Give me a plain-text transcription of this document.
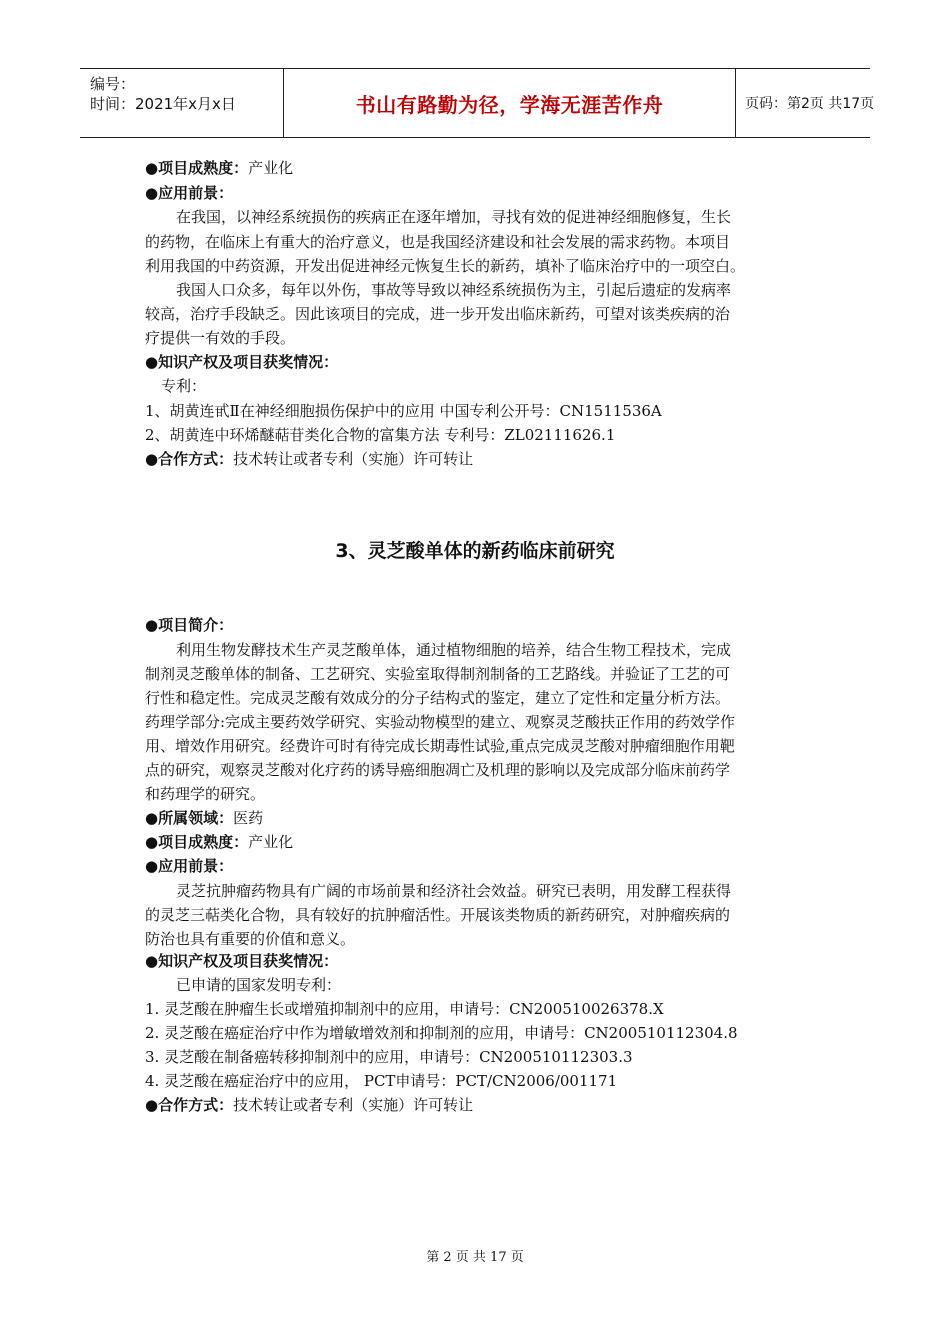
编号：
时间：2021年x月x日	书山有路勤为径，学海无涯苦作舟	页码：第2页 共17页
●项目成熟度：产业化
●应用前景：
在我国，以神经系统损伤的疾病正在逐年增加，寻找有效的促进神经细胞修复，生长
的药物，在临床上有重大的治疗意义，也是我国经济建设和社会发展的需求药物。本项目
利用我国的中药资源，开发出促进神经元恢复生长的新药，填补了临床治疗中的一项空白。
我国人口众多，每年以外伤，事故等导致以神经系统损伤为主，引起后遗症的发病率
较高，治疗手段缺乏。因此该项目的完成，进一步开发出临床新药，可望对该类疾病的治
疗提供一有效的手段。
●知识产权及项目获奖情况：
专利：
1、胡黄连甙Ⅱ在神经细胞损伤保护中的应用 中国专利公开号：CN1511536A
2、胡黄连中环烯醚萜苷类化合物的富集方法 专利号：ZL02111626.1
●合作方式：技术转让或者专利（实施）许可转让
3、灵芝酸单体的新药临床前研究
●项目简介：
利用生物发酵技术生产灵芝酸单体，通过植物细胞的培养，结合生物工程技术，完成
制剂灵芝酸单体的制备、工艺研究、实验室取得制剂制备的工艺路线。并验证了工艺的可
行性和稳定性。完成灵芝酸有效成分的分子结构式的鉴定，建立了定性和定量分析方法。
药理学部分:完成主要药效学研究、实验动物模型的建立、观察灵芝酸扶正作用的药效学作
用、增效作用研究。经费许可时有待完成长期毒性试验,重点完成灵芝酸对肿瘤细胞作用靶
点的研究，观察灵芝酸对化疗药的诱导癌细胞凋亡及机理的影响以及完成部分临床前药学
和药理学的研究。
●所属领域：医药
●项目成熟度：产业化
●应用前景：
灵芝抗肿瘤药物具有广阔的市场前景和经济社会效益。研究已表明，用发酵工程获得
的灵芝三萜类化合物，具有较好的抗肿瘤活性。开展该类物质的新药研究，对肿瘤疾病的
防治也具有重要的价值和意义。
●知识产权及项目获奖情况：
已申请的国家发明专利：
1. 灵芝酸在肿瘤生长或增殖抑制剂中的应用，申请号：CN200510026378.X
2. 灵芝酸在癌症治疗中作为增敏增效剂和抑制剂的应用，申请号：CN200510112304.8
3. 灵芝酸在制备癌转移抑制剂中的应用，申请号：CN200510112303.3
4. 灵芝酸在癌症治疗中的应用， PCT申请号：PCT/CN2006/001171
●合作方式：技术转让或者专利（实施）许可转让
第 2 页 共 17 页
